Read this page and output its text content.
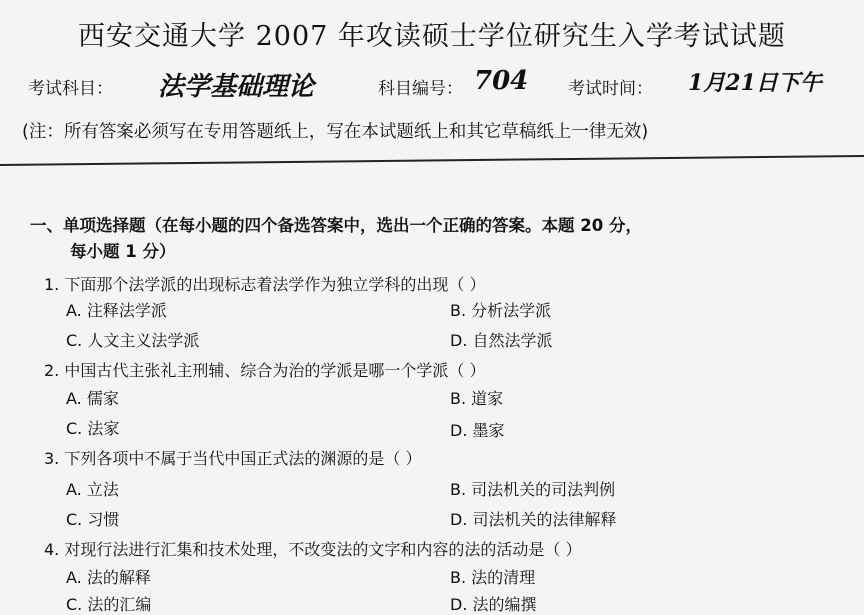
西安交通大学 2007 年攻读硕士学位研究生入学考试试题
考试科目： 法学基础理论	科目编号： 704 考试时间： 1月21日下午
(注：所有答案必须写在专用答题纸上，写在本试题纸上和其它草稿纸上一律无效)
一、单项选择题（在每小题的四个备选答案中，选出一个正确的答案。本题 20 分，
每小题 1 分）
1. 下面那个法学派的出现标志着法学作为独立学科的出现（ ）
A. 注释法学派	B. 分析法学派
C. 人文主义法学派	D. 自然法学派
2. 中国古代主张礼主刑辅、综合为治的学派是哪一个学派（ ）
A. 儒家	B. 道家
C. 法家	D. 墨家
3. 下列各项中不属于当代中国正式法的渊源的是（ ）
A. 立法	B. 司法机关的司法判例
C. 习惯	D. 司法机关的法律解释
4. 对现行法进行汇集和技术处理，不改变法的文字和内容的法的活动是（ ）
A. 法的解释	B. 法的清理
C. 法的汇编	D. 法的编撰
